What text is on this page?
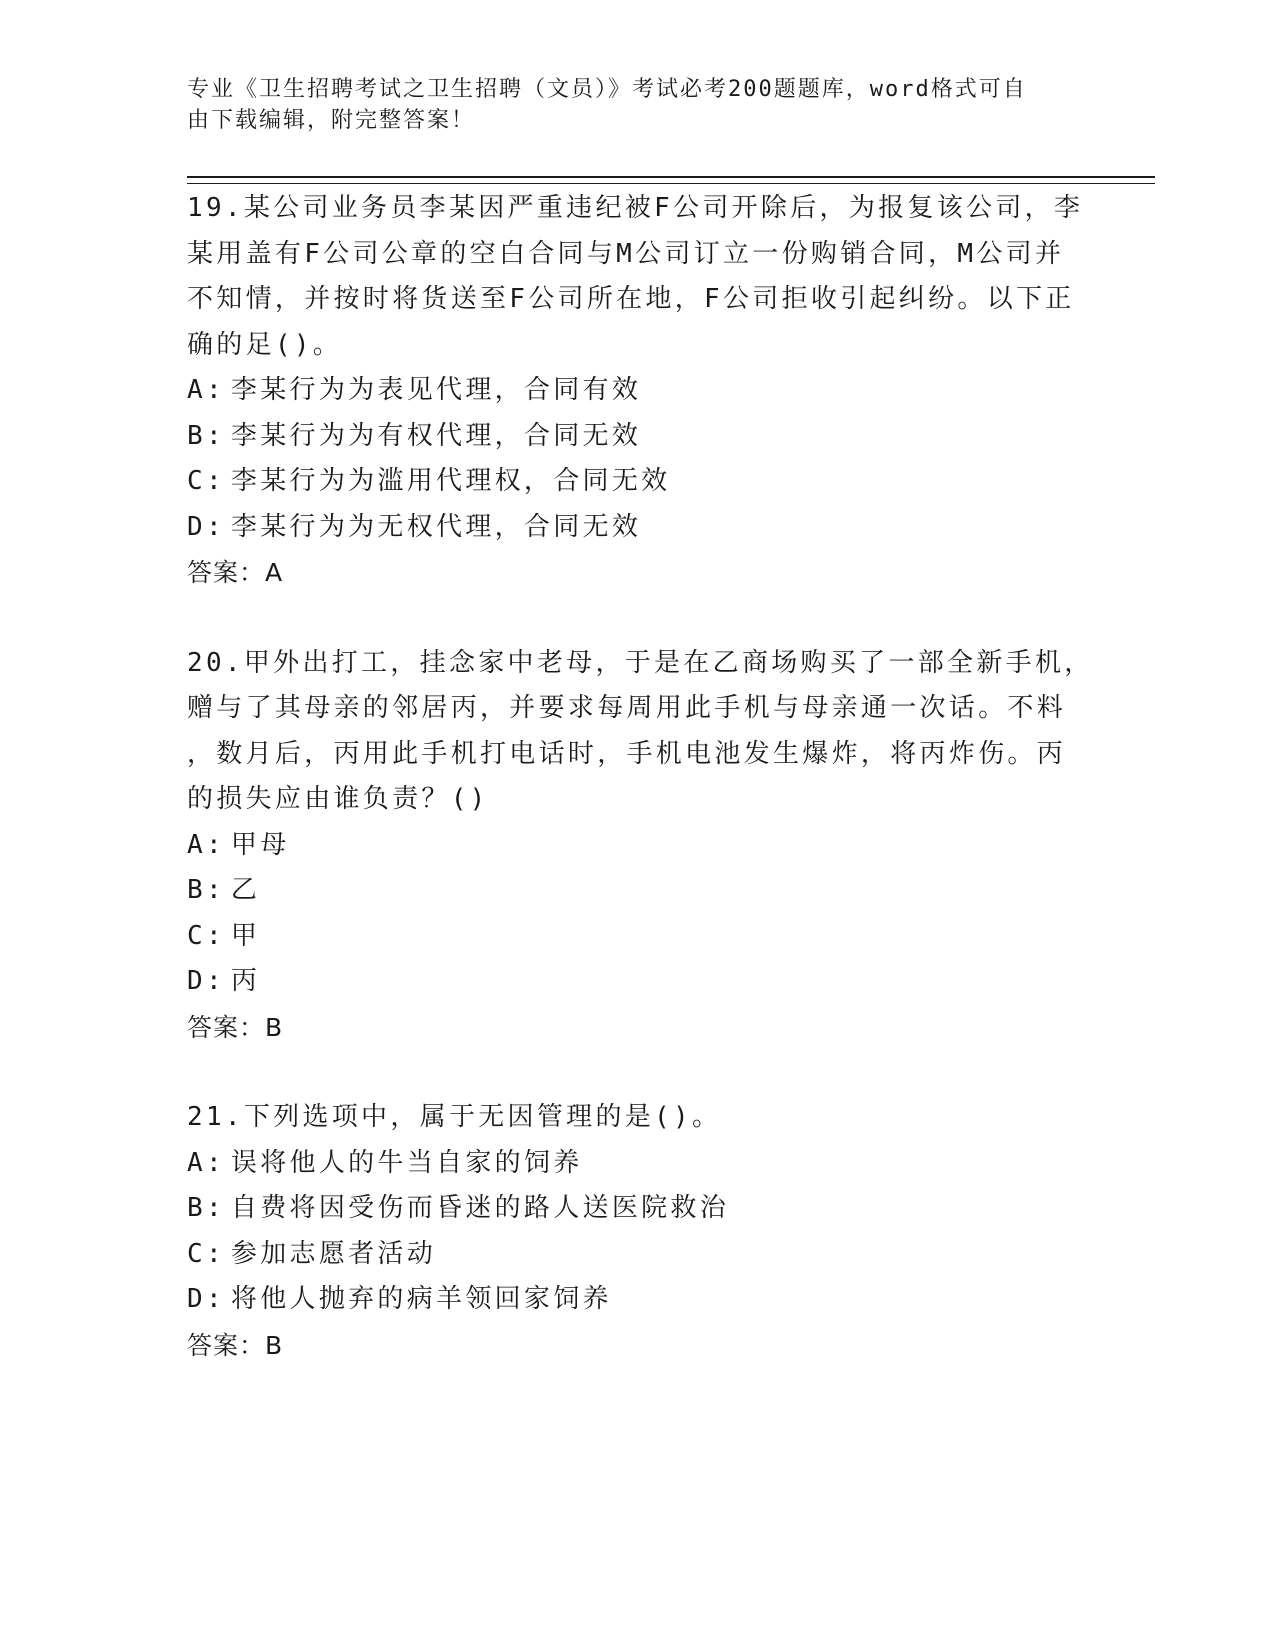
专业《卫生招聘考试之卫生招聘（文员）》考试必考200题题库，word格式可自
由下载编辑，附完整答案！
19.某公司业务员李某因严重违纪被F公司开除后，为报复该公司，李
某用盖有F公司公章的空白合同与M公司订立一份购销合同，M公司并
不知情，并按时将货送至F公司所在地，F公司拒收引起纠纷。以下正
确的足()。
A: 李某行为为表见代理，合同有效
B: 李某行为为有权代理，合同无效
C: 李某行为为滥用代理权，合同无效
D: 李某行为为无权代理，合同无效
答案：A
20.甲外出打工，挂念家中老母，于是在乙商场购买了一部全新手机，
赠与了其母亲的邻居丙，并要求每周用此手机与母亲通一次话。不料
，数月后，丙用此手机打电话时，手机电池发生爆炸，将丙炸伤。丙
的损失应由谁负责？()
A: 甲母
B: 乙
C: 甲
D: 丙
答案：B
21.下列选项中，属于无因管理的是()。
A: 误将他人的牛当自家的饲养
B: 自费将因受伤而昏迷的路人送医院救治
C: 参加志愿者活动
D: 将他人抛弃的病羊领回家饲养
答案：B
